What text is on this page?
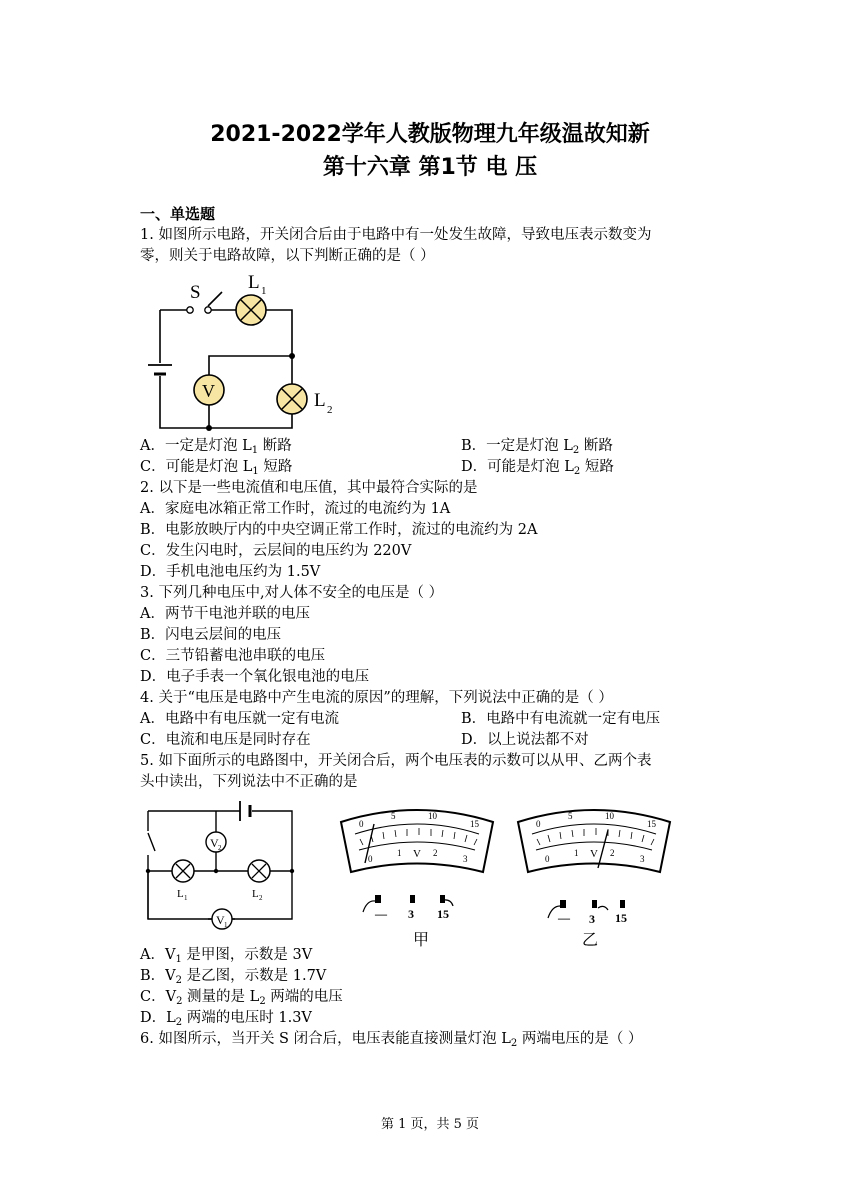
2021-2022学年人教版物理九年级温故知新
第十六章 第1节 电 压
一、单选题
1. 如图所示电路，开关闭合后由于电路中有一处发生故障，导致电压表示数变为
零，则关于电路故障，以下判断正确的是（ ）
S L 1
V	L 2
A．一定是灯泡 $L_1$ 断路	B．一定是灯泡 $L_2$ 断路
C．可能是灯泡 $L_1$ 短路	D．可能是灯泡 $L_2$ 短路
2. 以下是一些电流值和电压值，其中最符合实际的是
A．家庭电冰箱正常工作时，流过的电流约为 1A
B．电影放映厅内的中央空调正常工作时，流过的电流约为 2A
C．发生闪电时，云层间的电压约为 220V
D．手机电池电压约为 1.5V
3. 下列几种电压中,对人体不安全的电压是（ ）
A．两节干电池并联的电压
B．闪电云层间的电压
C．三节铅蓄电池串联的电压
D．电子手表一个氧化银电池的电压
4. 关于“电压是电路中产生电流的原因”的理解，下列说法中正确的是（ ）
A．电路中有电压就一定有电流	B．电路中有电流就一定有电压
C．电流和电压是同时存在	D．以上说法都不对
5. 如下面所示的电路图中，开关闭合后，两个电压表的示数可以从甲、乙两个表
头中读出，下列说法中不正确的是
V 2
V 1
L 1	L 2
0
5	10
15
0
1 V 2
3
— 3 15
甲
0
5	10
15
0
1 V 2
3
— 3 15
乙
A．$V_1$ 是甲图，示数是 3V
B．$V_2$ 是乙图，示数是 1.7V
C．$V_2$ 测量的是 $L_2$ 两端的电压
D．$L_2$ 两端的电压时 1.3V
6. 如图所示，当开关 S 闭合后，电压表能直接测量灯泡 $L_2$ 两端电压的是（ ）
第 1 页，共 5 页
